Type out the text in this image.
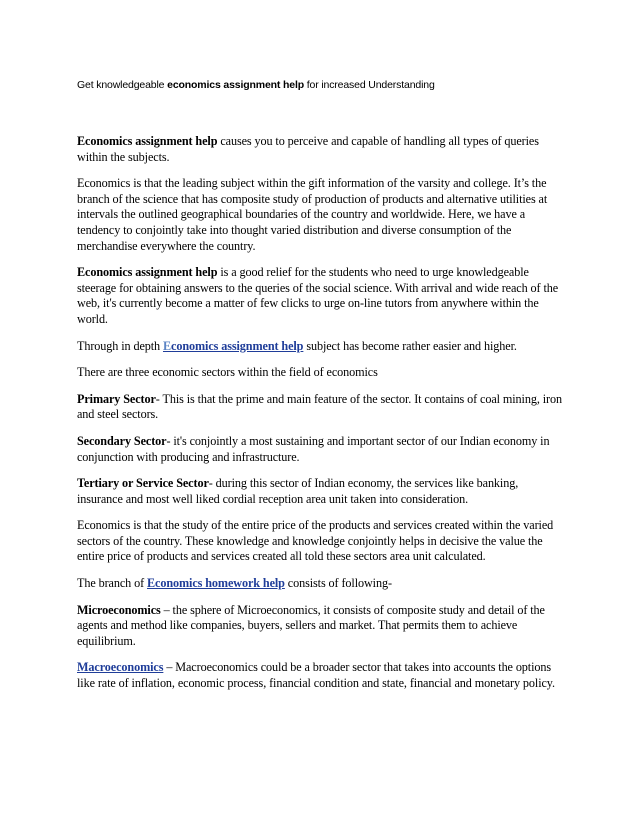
Get knowledgeable economics assignment help for increased Understanding

Economics assignment help causes you to perceive and capable of handling all types of queries within the subjects.

Economics is that the leading subject within the gift information of the varsity and college. It’s the branch of the science that has composite study of production of products and alternative utilities at intervals the outlined geographical boundaries of the country and worldwide. Here, we have a tendency to conjointly take into thought varied distribution and diverse consumption of the merchandise everywhere the country.

Economics assignment help is a good relief for the students who need to urge knowledgeable steerage for obtaining answers to the queries of the social science. With arrival and wide reach of the web, it's currently become a matter of few clicks to urge on-line tutors from anywhere within the world.

Through in depth Economics assignment help subject has become rather easier and higher.

There are three economic sectors within the field of economics

Primary Sector- This is that the prime and main feature of the sector. It contains of coal mining, iron and steel sectors.

Secondary Sector- it's conjointly a most sustaining and important sector of our Indian economy in conjunction with producing and infrastructure.

Tertiary or Service Sector- during this sector of Indian economy, the services like banking, insurance and most well liked cordial reception area unit taken into consideration.

Economics is that the study of the entire price of the products and services created within the varied sectors of the country. These knowledge and knowledge conjointly helps in decisive the value the entire price of products and services created all told these sectors area unit calculated.

The branch of Economics homework help consists of following-

Microeconomics – the sphere of Microeconomics, it consists of composite study and detail of the agents and method like companies, buyers, sellers and market. That permits them to achieve equilibrium.

Macroeconomics – Macroeconomics could be a broader sector that takes into accounts the options like rate of inflation, economic process, financial condition and state, financial and monetary policy.
